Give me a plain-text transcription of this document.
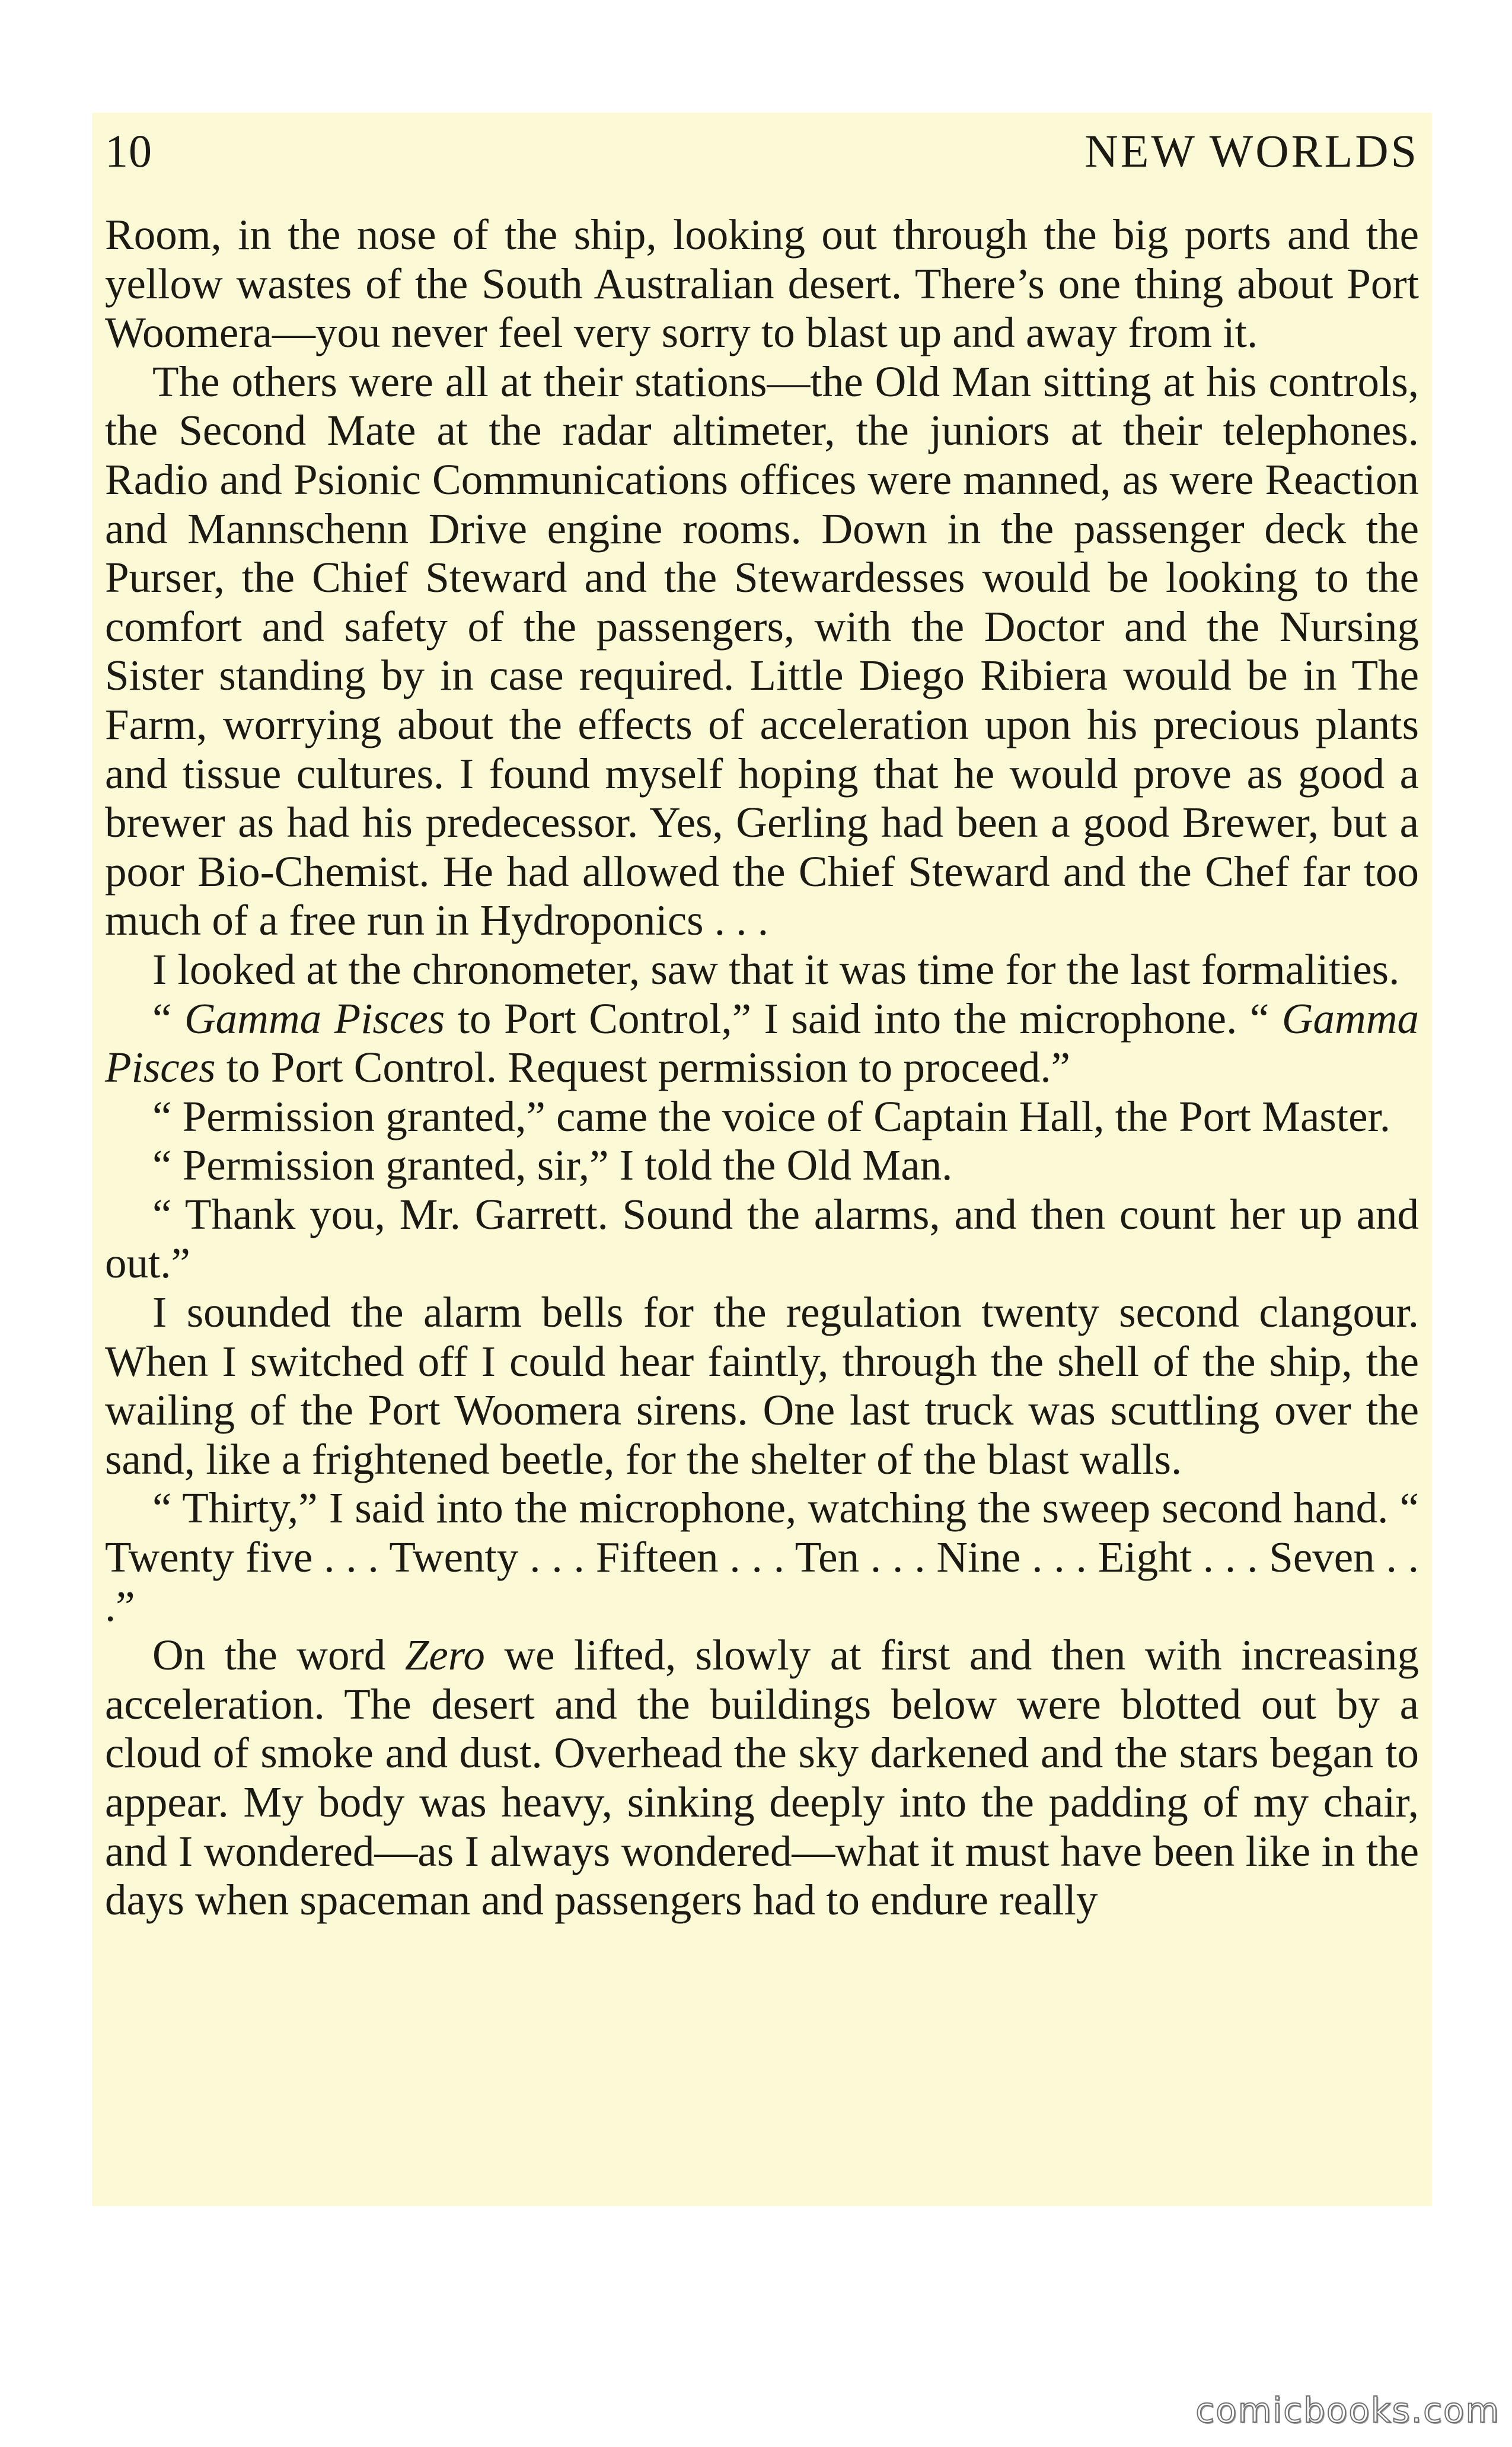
10	NEW WORLDS

Room, in the nose of the ship, looking out through the big ports and the yellow wastes of the South Australian desert. There’s one thing about Port Woomera—you never feel very sorry to blast up and away from it.

The others were all at their stations—the Old Man sitting at his controls, the Second Mate at the radar altimeter, the juniors at their telephones. Radio and Psionic Communications offices were manned, as were Reaction and Mannschenn Drive engine rooms. Down in the passenger deck the Purser, the Chief Steward and the Stewardesses would be looking to the comfort and safety of the passengers, with the Doctor and the Nursing Sister standing by in case required. Little Diego Ribiera would be in The Farm, worrying about the effects of acceleration upon his precious plants and tissue cultures. I found myself hoping that he would prove as good a brewer as had his predecessor. Yes, Gerling had been a good Brewer, but a poor Bio-Chemist. He had allowed the Chief Steward and the Chef far too much of a free run in Hydroponics . . .

I looked at the chronometer, saw that it was time for the last formalities.

“ Gamma Pisces to Port Control,” I said into the microphone. “ Gamma Pisces to Port Control. Request permission to proceed.”

“ Permission granted,” came the voice of Captain Hall, the Port Master.

“ Permission granted, sir,” I told the Old Man.

“ Thank you, Mr. Garrett. Sound the alarms, and then count her up and out.”

I sounded the alarm bells for the regulation twenty second clangour. When I switched off I could hear faintly, through the shell of the ship, the wailing of the Port Woomera sirens. One last truck was scuttling over the sand, like a frightened beetle, for the shelter of the blast walls.

“ Thirty,” I said into the microphone, watching the sweep second hand. “ Twenty five . . . Twenty . . . Fifteen . . . Ten . . . Nine . . . Eight . . . Seven . . .”

On the word Zero we lifted, slowly at first and then with increasing acceleration. The desert and the buildings below were blotted out by a cloud of smoke and dust. Overhead the sky darkened and the stars began to appear. My body was heavy, sinking deeply into the padding of my chair, and I wondered—as I always wondered—what it must have been like in the days when spaceman and passengers had to endure really

comicbooks.com
